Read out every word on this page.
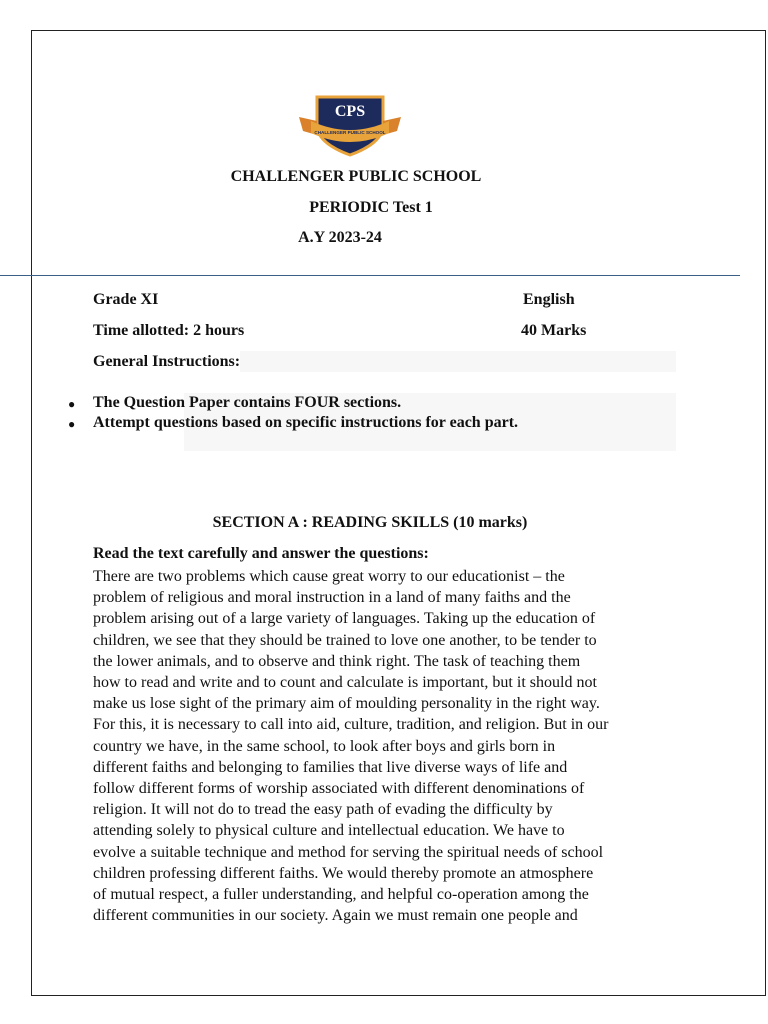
CPS
CHALLENGER PUBLIC SCHOOL
CHALLENGER PUBLIC SCHOOL
PERIODIC Test 1
A.Y 2023-24
Grade XI	English
Time allotted: 2 hours	40 Marks
General Instructions:
● The Question Paper contains FOUR sections.
● Attempt questions based on specific instructions for each part.
SECTION A : READING SKILLS (10 marks)
Read the text carefully and answer the questions:
There are two problems which cause great worry to our educationist – the
problem of religious and moral instruction in a land of many faiths and the
problem arising out of a large variety of languages. Taking up the education of
children, we see that they should be trained to love one another, to be tender to
the lower animals, and to observe and think right. The task of teaching them
how to read and write and to count and calculate is important, but it should not
make us lose sight of the primary aim of moulding personality in the right way.
For this, it is necessary to call into aid, culture, tradition, and religion. But in our
country we have, in the same school, to look after boys and girls born in
different faiths and belonging to families that live diverse ways of life and
follow different forms of worship associated with different denominations of
religion. It will not do to tread the easy path of evading the difficulty by
attending solely to physical culture and intellectual education. We have to
evolve a suitable technique and method for serving the spiritual needs of school
children professing different faiths. We would thereby promote an atmosphere
of mutual respect, a fuller understanding, and helpful co-operation among the
different communities in our society. Again we must remain one people and
